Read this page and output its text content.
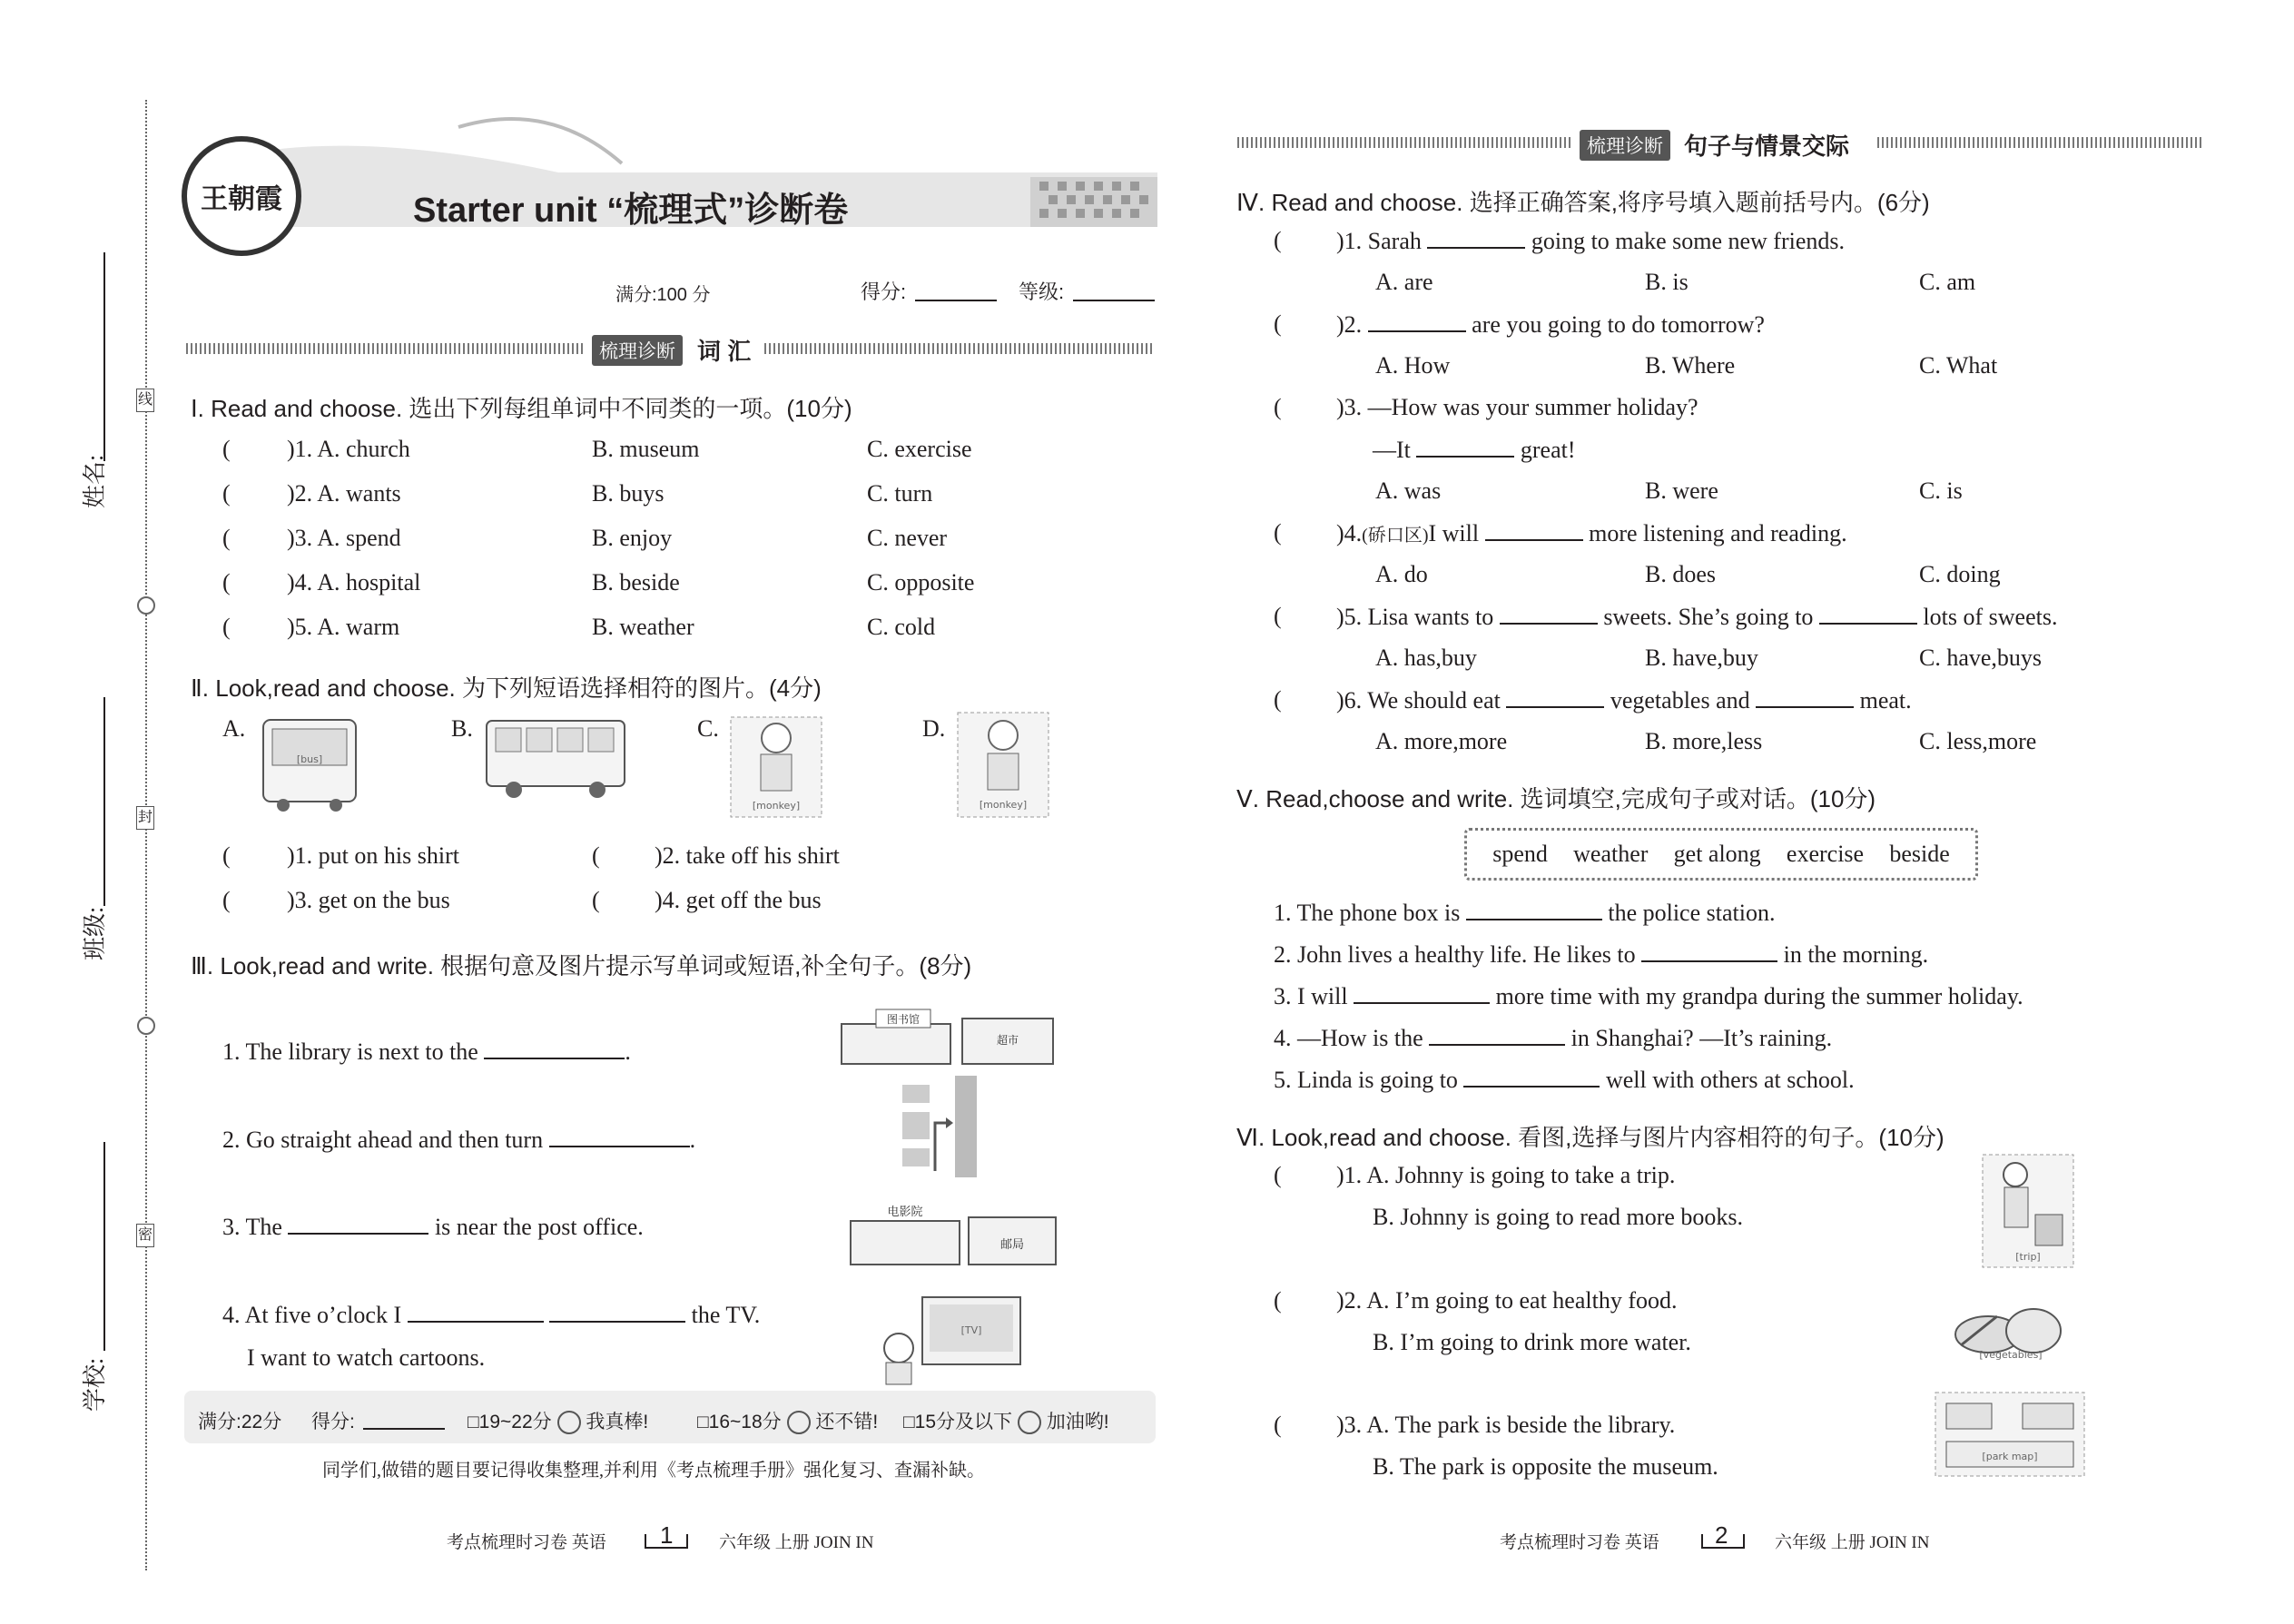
线
封
密
姓名:
班级:
学校:
王朝霞	Starter unit “梳理式”诊断卷
满分:100 分	得分:	等级:
梳理诊断 词 汇
Ⅰ. Read and choose. 选出下列每组单词中不同类的一项。(10分)
( )1. A. church	B. museum	C. exercise
( )2. A. wants	B. buys	C. turn
( )3. A. spend	B. enjoy	C. never
( )4. A. hospital	B. beside	C. opposite
( )5. A. warm	B. weather	C. cold
Ⅱ. Look,read and choose. 为下列短语选择相符的图片。(4分)
A.
[bus]
B.	C.
[monkey]
D.
[monkey]
( )1. put on his shirt	( )2. take off his shirt
( )3. get on the bus	( )4. get off the bus
Ⅲ. Look,read and write. 根据句意及图片提示写单词或短语,补全句子。(8分)
1. The library is next to the	.
图书馆
超市
2. Go straight ahead and then turn	.
3. The	is near the post office.
电影院
邮局
4. At five o’clock I	the TV.
I want to watch cartoons.
[TV]
满分:22分 得分:	□19~22分 我真棒!	□16~18分 还不错! □15分及以下 加油哟!
同学们,做错的题目要记得收集整理,并利用《考点梳理手册》强化复习、查漏补缺。
考点梳理时习卷 英语 1	六年级 上册 JOIN IN
梳理诊断 句子与情景交际
Ⅳ. Read and choose. 选择正确答案,将序号填入题前括号内。(6分)
( )1. Sarah	going to make some new friends.
A. are	B. is	C. am
( )2.	are you going to do tomorrow?
A. How	B. Where	C. What
( )3. —How was your summer holiday?
—It	great!
A. was	B. were	C. is
( )4.(硚口区)I will	more listening and reading.
A. do	B. does	C. doing
( )5. Lisa wants to	sweets. She’s going to	lots of sweets.
A. has,buy	B. have,buy	C. have,buys
( )6. We should eat	vegetables and	meat.
A. more,more	B. more,less	C. less,more
Ⅴ. Read,choose and write. 选词填空,完成句子或对话。(10分)
spend weather get along exercise beside
1. The phone box is	the police station.
2. John lives a healthy life. He likes to	in the morning.
3. I will	more time with my grandpa during the summer holiday.
4. —How is the	in Shanghai? —It’s raining.
5. Linda is going to	well with others at school.
Ⅵ. Look,read and choose. 看图,选择与图片内容相符的句子。(10分)
( )1. A. Johnny is going to take a trip.
B. Johnny is going to read more books.
[trip]
( )2. A. I’m going to eat healthy food.
B. I’m going to drink more water.	[vegetables]
( )3. A. The park is beside the library.
B. The park is opposite the museum.	[park map]
考点梳理时习卷 英语 2	六年级 上册 JOIN IN
